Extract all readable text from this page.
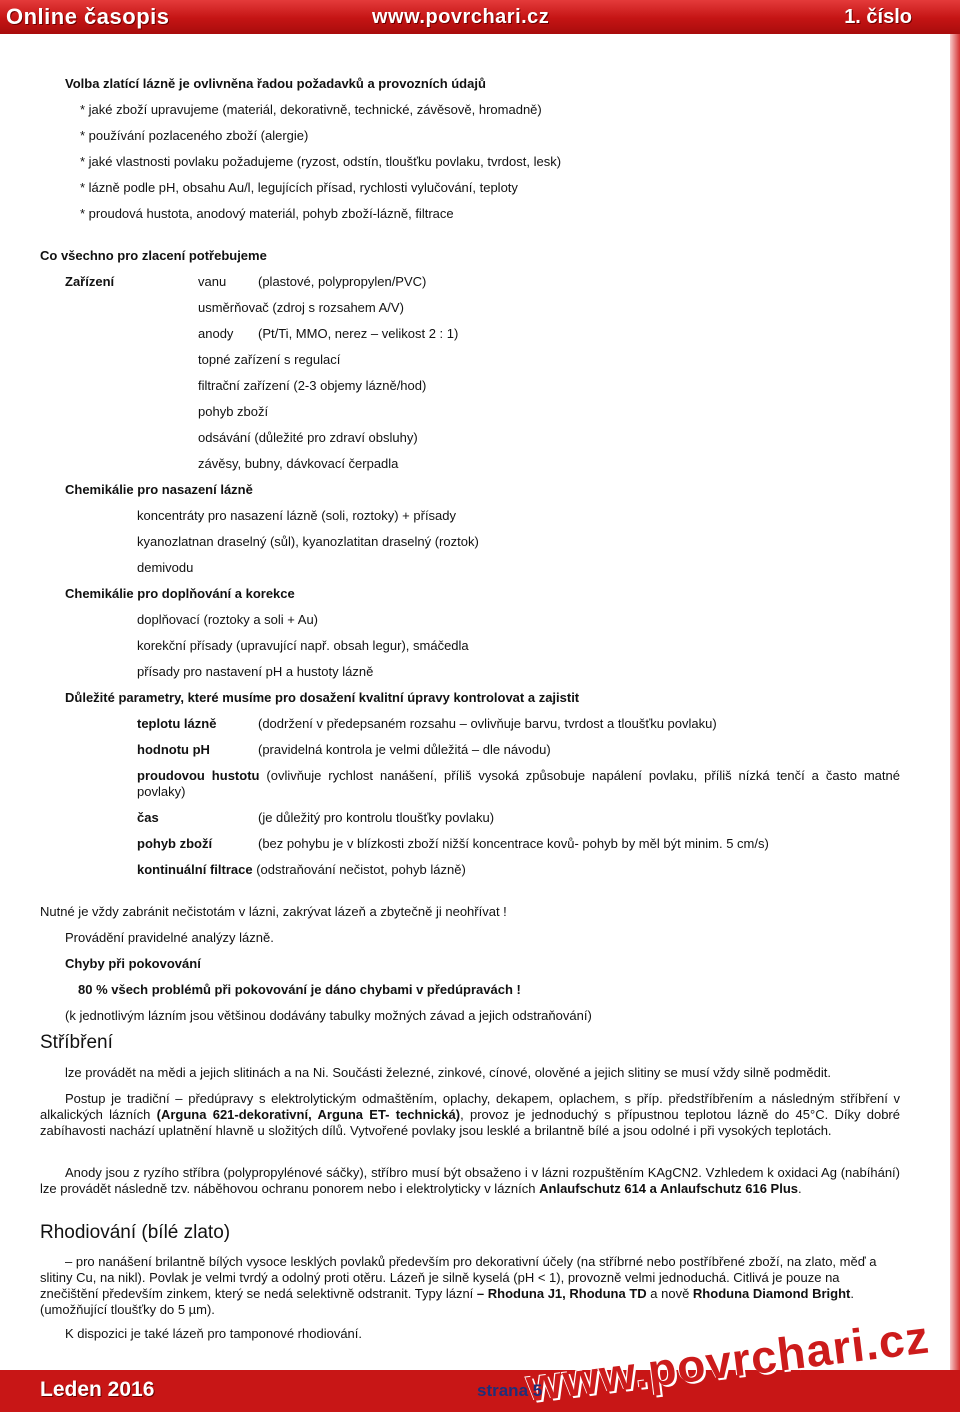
Online časopis	www.povrchari.cz	1. číslo
Volba zlatící lázně je ovlivněna řadou požadavků a provozních údajů
* jaké zboží upravujeme (materiál, dekorativně, technické, závěsově, hromadně)
* používání pozlaceného zboží (alergie)
* jaké vlastnosti povlaku požadujeme (ryzost, odstín, tloušťku povlaku, tvrdost, lesk)
* lázně podle pH, obsahu Au/l, legujících přísad, rychlosti vylučování, teploty
* proudová hustota, anodový materiál, pohyb zboží-lázně, filtrace
Co všechno pro zlacení potřebujeme
Zařízení	vanu (plastové, polypropylen/PVC)
usměrňovač (zdroj s rozsahem A/V)
anody (Pt/Ti, MMO, nerez – velikost 2 : 1)
topné zařízení s regulací
filtrační zařízení (2-3 objemy lázně/hod)
pohyb zboží
odsávání (důležité pro zdraví obsluhy)
závěsy, bubny, dávkovací čerpadla
Chemikálie pro nasazení lázně
koncentráty pro nasazení lázně (soli, roztoky) + přísady
kyanozlatnan draselný (sůl), kyanozlatitan draselný (roztok)
demivodu
Chemikálie pro doplňování a korekce
doplňovací (roztoky a soli + Au)
korekční přísady (upravující např. obsah legur), smáčedla
přísady pro nastavení pH a hustoty lázně
Důležité parametry, které musíme pro dosažení kvalitní úpravy kontrolovat a zajistit
teplotu lázně	(dodržení v předepsaném rozsahu – ovlivňuje barvu, tvrdost a tloušťku povlaku)
hodnotu pH	(pravidelná kontrola je velmi důležitá – dle návodu)
proudovou hustotu (ovlivňuje rychlost nanášení, příliš vysoká způsobuje napálení povlaku, příliš nízká tenčí a často matné povlaky)
čas	(je důležitý pro kontrolu tloušťky povlaku)
pohyb zboží	(bez pohybu je v blízkosti zboží nižší koncentrace kovů- pohyb by měl být minim. 5 cm/s)
kontinuální filtrace (odstraňování nečistot, pohyb lázně)
Nutné je vždy zabránit nečistotám v lázni, zakrývat lázeň a zbytečně ji neohřívat !
Provádění pravidelné analýzy lázně.
Chyby při pokovování
80 % všech problémů při pokovování je dáno chybami v předúpravách !
(k jednotlivým lázním jsou většinou dodávány tabulky možných závad a jejich odstraňování)
Stříbření
lze provádět na mědi a jejich slitinách a na Ni. Součásti železné, zinkové, cínové, olověné a jejich slitiny se musí vždy silně podmědit.
Postup je tradiční – předúpravy s elektrolytickým odmaštěním, oplachy, dekapem, oplachem, s příp. předstříbřením a následným stříbření v alkalických lázních (Arguna 621-dekorativní, Arguna ET- technická), provoz je jednoduchý s přípustnou teplotou lázně do 45°C. Díky dobré zabíhavosti nachází uplatnění hlavně u složitých dílů. Vytvořené povlaky jsou lesklé a brilantně bílé a jsou odolné i při vysokých teplotách.
Anody jsou z ryzího stříbra (polypropylénové sáčky), stříbro musí být obsaženo i v lázni rozpuštěním KAgCN2. Vzhledem k oxidaci Ag (nabíhání) lze provádět následně tzv. náběhovou ochranu ponorem nebo i elektrolyticky v lázních Anlaufschutz 614 a Anlaufschutz 616 Plus.
Rhodiování (bílé zlato)
– pro nanášení brilantně bílých vysoce lesklých povlaků především pro dekorativní účely (na stříbrné nebo postříbřené zboží, na zlato, měď a slitiny Cu, na nikl). Povlak je velmi tvrdý a odolný proti otěru. Lázeň je silně kyselá (pH < 1), provozně velmi jednoduchá. Citlivá je pouze na znečištění především zinkem, který se nedá selektivně odstranit. Typy lázní – Rhoduna J1, Rhoduna TD a nově Rhoduna Diamond Bright. (umožňující tloušťky do 5 µm).
K dispozici je také lázeň pro tamponové rhodiování.
Leden 2016	www.povrchari.cz
strana 5
